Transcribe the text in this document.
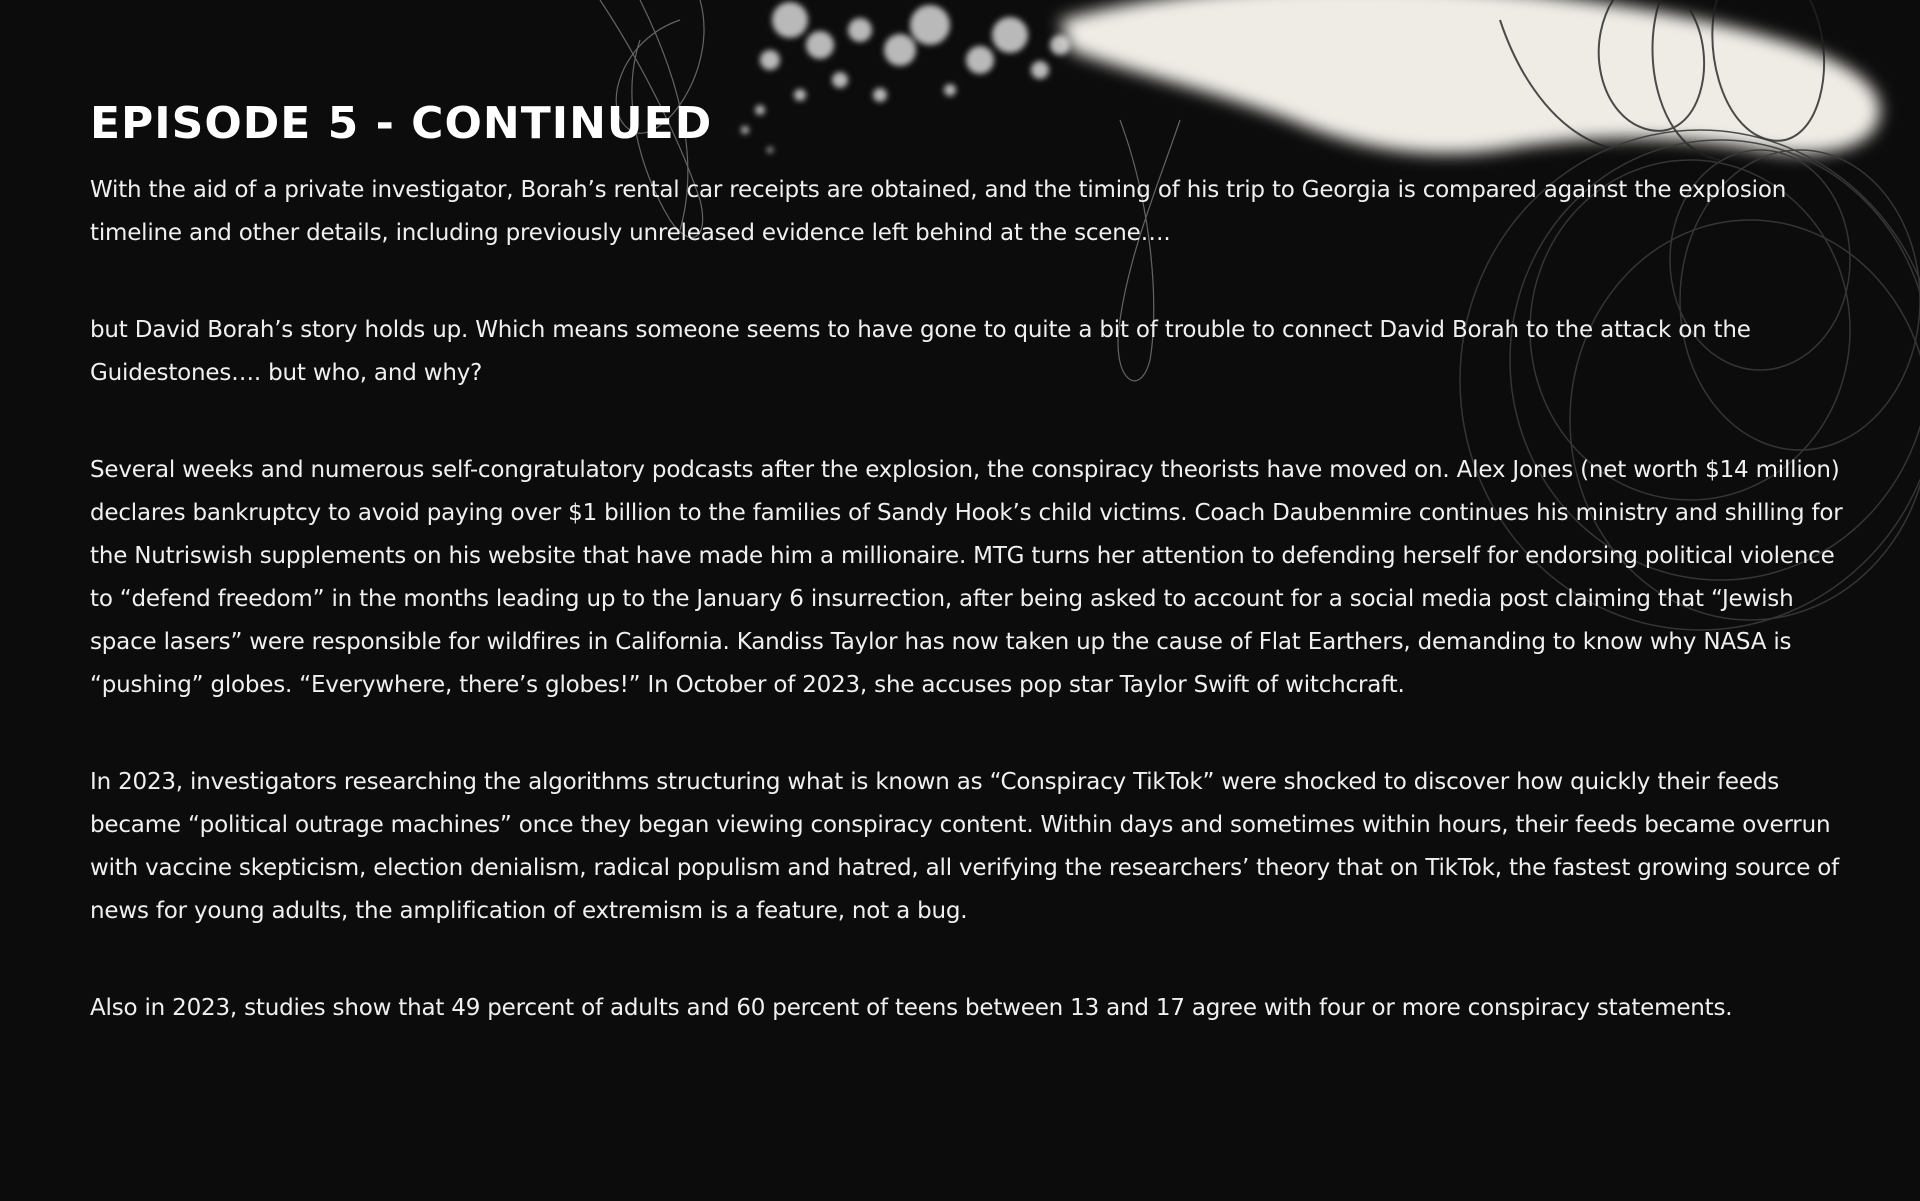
EPISODE 5 - CONTINUED

With the aid of a private investigator, Borah’s rental car receipts are obtained, and the timing of his trip to Georgia is compared against the explosion timeline and other details, including previously unreleased evidence left behind at the scene….

but David Borah’s story holds up. Which means someone seems to have gone to quite a bit of trouble to connect David Borah to the attack on the Guidestones…. but who, and why?

Several weeks and numerous self-congratulatory podcasts after the explosion, the conspiracy theorists have moved on. Alex Jones (net worth $14 million) declares bankruptcy to avoid paying over $1 billion to the families of Sandy Hook’s child victims. Coach Daubenmire continues his ministry and shilling for the Nutriswish supplements on his website that have made him a millionaire. MTG turns her attention to defending herself for endorsing political violence to “defend freedom” in the months leading up to the January 6 insurrection, after being asked to account for a social media post claiming that “Jewish space lasers” were responsible for wildfires in California. Kandiss Taylor has now taken up the cause of Flat Earthers, demanding to know why NASA is “pushing” globes. “Everywhere, there’s globes!” In October of 2023, she accuses pop star Taylor Swift of witchcraft.

In 2023, investigators researching the algorithms structuring what is known as “Conspiracy TikTok” were shocked to discover how quickly their feeds became “political outrage machines” once they began viewing conspiracy content. Within days and sometimes within hours, their feeds became overrun with vaccine skepticism, election denialism, radical populism and hatred, all verifying the researchers’ theory that on TikTok, the fastest growing source of news for young adults, the amplification of extremism is a feature, not a bug.

Also in 2023, studies show that 49 percent of adults and 60 percent of teens between 13 and 17 agree with four or more conspiracy statements.
